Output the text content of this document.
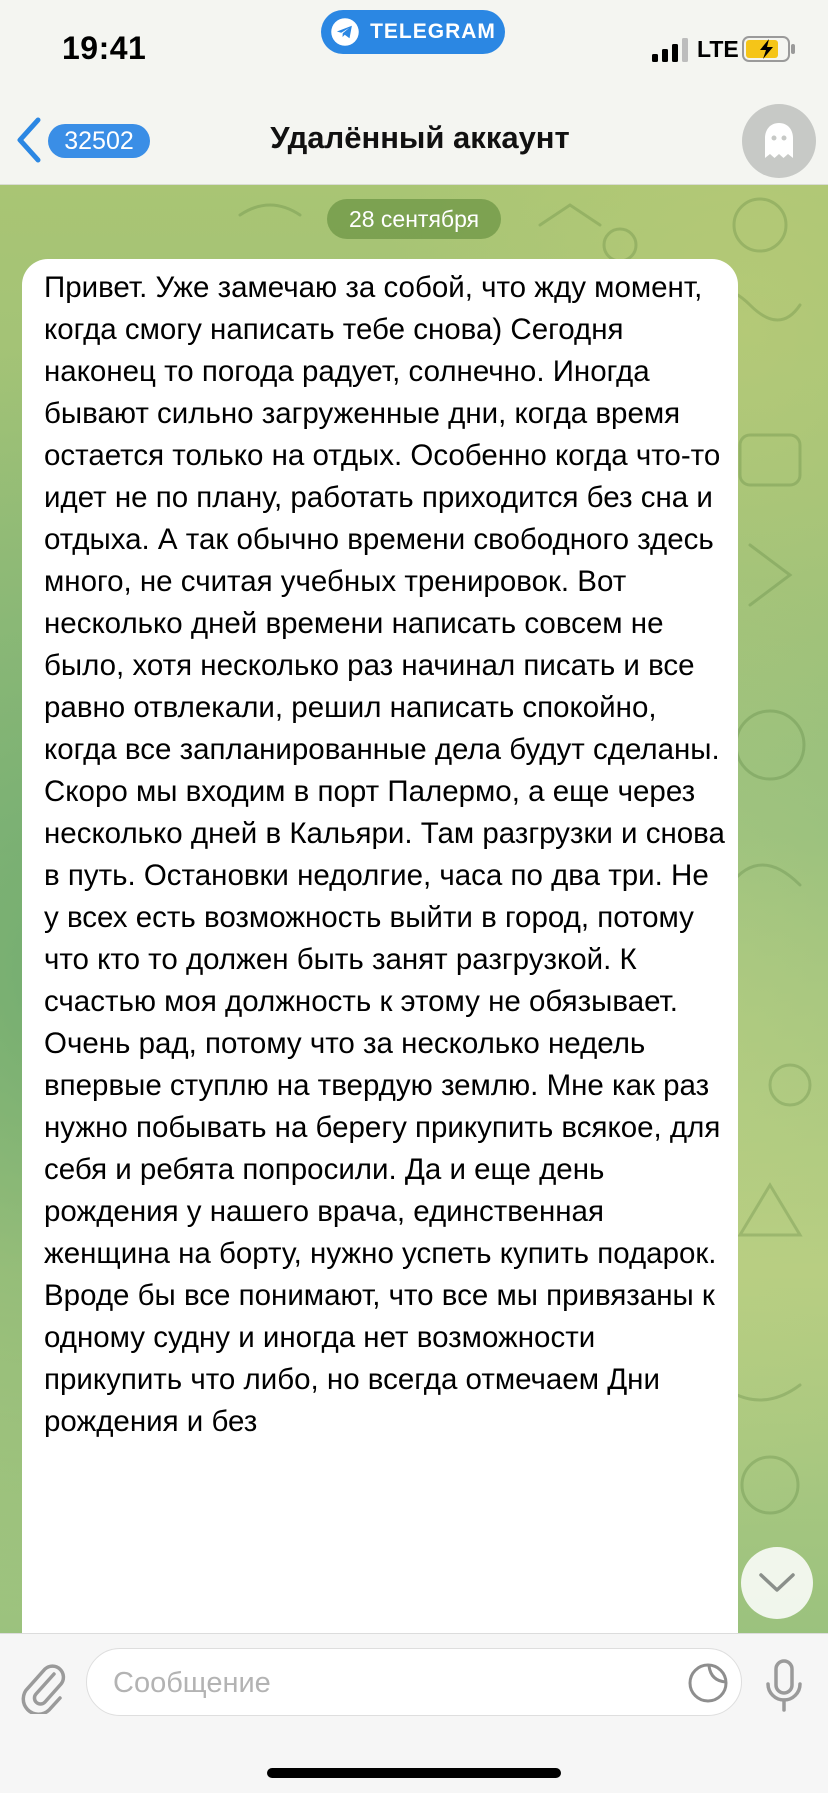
19:41	TELEGRAM
LTE
32502	Удалённый аккаунт
28 сентября

Привет. Уже замечаю за собой, что жду момент, когда смогу написать тебе снова) Сегодня наконец то погода радует, солнечно. Иногда бывают сильно загруженные дни, когда время остается только на отдых. Особенно когда что-то идет не по плану, работать приходится без сна и отдыха. А так обычно времени свободного здесь много, не считая учебных тренировок. Вот несколько дней времени написать совсем не было, хотя несколько раз начинал писать и все равно отвлекали, решил написать спокойно, когда все запланированные дела будут сделаны.

Скоро мы входим в порт Палермо, а еще через несколько дней в Кальяри. Там разгрузки и снова в путь. Остановки недолгие, часа по два три. Не у всех есть возможность выйти в город, потому что кто то должен быть занят разгрузкой. К счастью моя должность к этому не обязывает. Очень рад, потому что за несколько недель впервые ступлю на твердую землю. Мне как раз нужно побывать на берегу прикупить всякое, для себя и ребята попросили. Да и еще день рождения у нашего врача, единственная женщина на борту, нужно успеть купить подарок. Вроде бы все понимают, что все мы привязаны к одному судну и иногда нет возможности прикупить что либо, но всегда отмечаем Дни рождения и без

Сообщение
